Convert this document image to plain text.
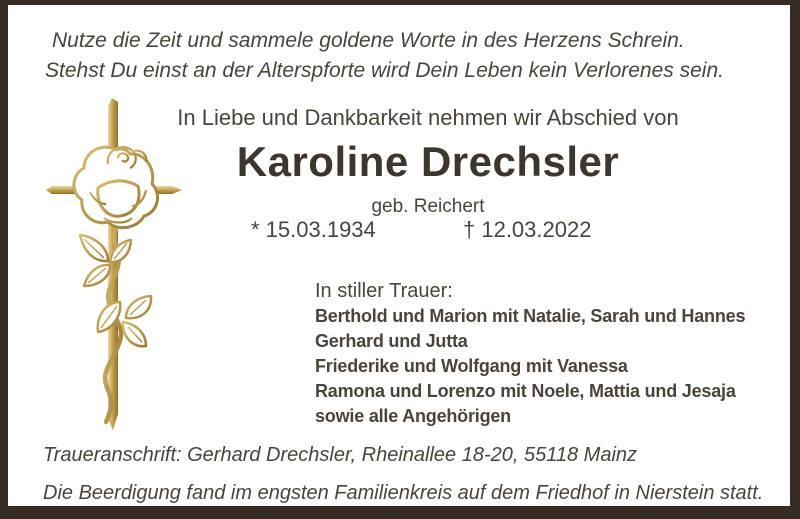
Nutze die Zeit und sammele goldene Worte in des Herzens Schrein.
Stehst Du einst an der Alterspforte wird Dein Leben kein Verlorenes sein.
In Liebe und Dankbarkeit nehmen wir Abschied von
Karoline Drechsler
geb. Reichert
* 15.03.1934	† 12.03.2022
In stiller Trauer:
Berthold und Marion mit Natalie, Sarah und Hannes
Gerhard und Jutta
Friederike und Wolfgang mit Vanessa
Ramona und Lorenzo mit Noele, Mattia und Jesaja
sowie alle Angehörigen
Traueranschrift: Gerhard Drechsler, Rheinallee 18-20, 55118 Mainz
Die Beerdigung fand im engsten Familienkreis auf dem Friedhof in Nierstein statt.
